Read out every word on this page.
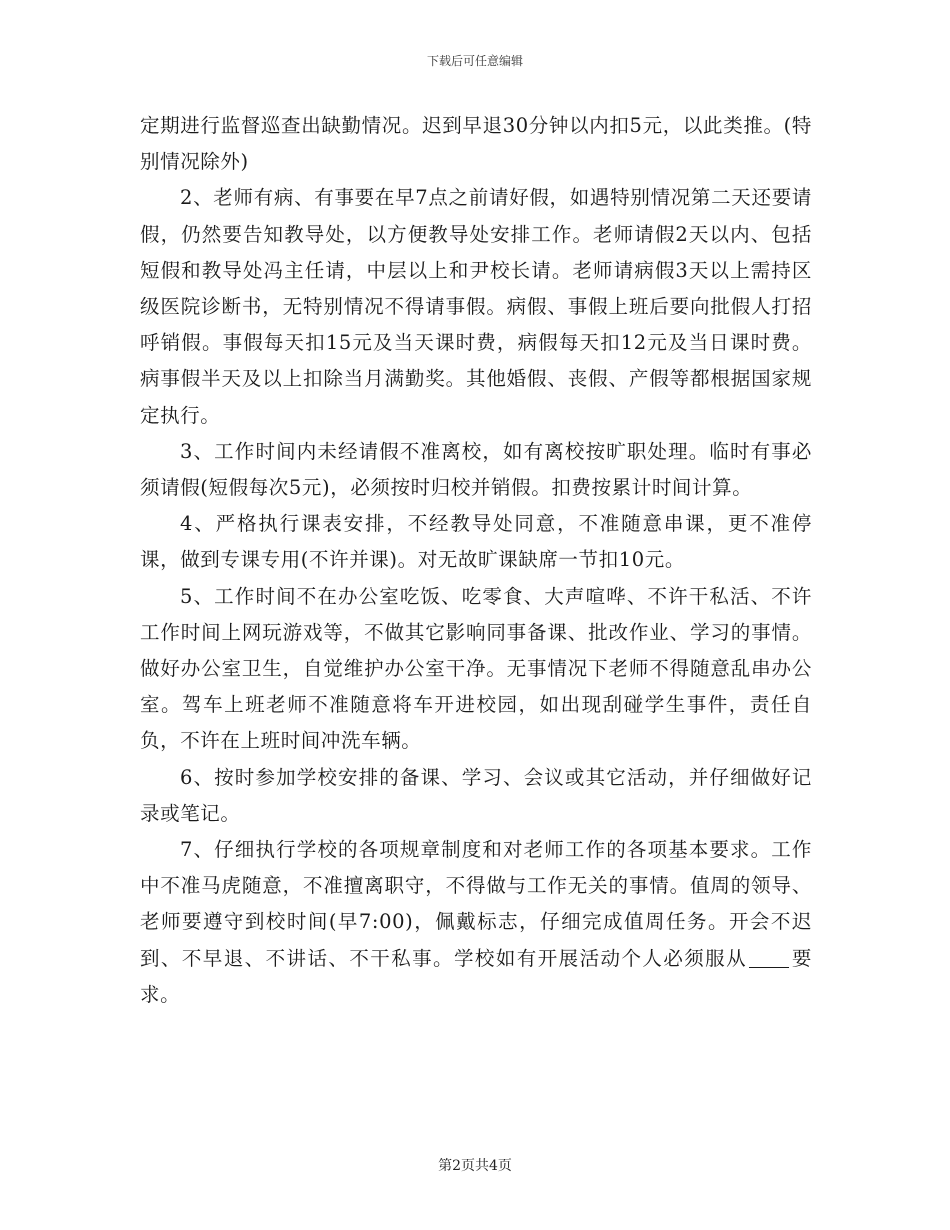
下载后可任意编辑

定期进行监督巡查出缺勤情况。迟到早退30分钟以内扣5元，以此类推。(特别情况除外)

2、老师有病、有事要在早7点之前请好假，如遇特别情况第二天还要请假，仍然要告知教导处，以方便教导处安排工作。老师请假2天以内、包括短假和教导处冯主任请，中层以上和尹校长请。老师请病假3天以上需持区级医院诊断书，无特别情况不得请事假。病假、事假上班后要向批假人打招呼销假。事假每天扣15元及当天课时费，病假每天扣12元及当日课时费。病事假半天及以上扣除当月满勤奖。其他婚假、丧假、产假等都根据国家规定执行。

3、工作时间内未经请假不准离校，如有离校按旷职处理。临时有事必须请假(短假每次5元)，必须按时归校并销假。扣费按累计时间计算。

4、严格执行课表安排，不经教导处同意，不准随意串课，更不准停课，做到专课专用(不许并课)。对无故旷课缺席一节扣10元。

5、工作时间不在办公室吃饭、吃零食、大声喧哗、不许干私活、不许工作时间上网玩游戏等，不做其它影响同事备课、批改作业、学习的事情。做好办公室卫生，自觉维护办公室干净。无事情况下老师不得随意乱串办公室。驾车上班老师不准随意将车开进校园，如出现刮碰学生事件，责任自负，不许在上班时间冲洗车辆。

6、按时参加学校安排的备课、学习、会议或其它活动，并仔细做好记录或笔记。

7、仔细执行学校的各项规章制度和对老师工作的各项基本要求。工作中不准马虎随意，不准擅离职守，不得做与工作无关的事情。值周的领导、老师要遵守到校时间(早7:00)，佩戴标志，仔细完成值周任务。开会不迟到、不早退、不讲话、不干私事。学校如有开展活动个人必须服从 要求。

第2页共4页
